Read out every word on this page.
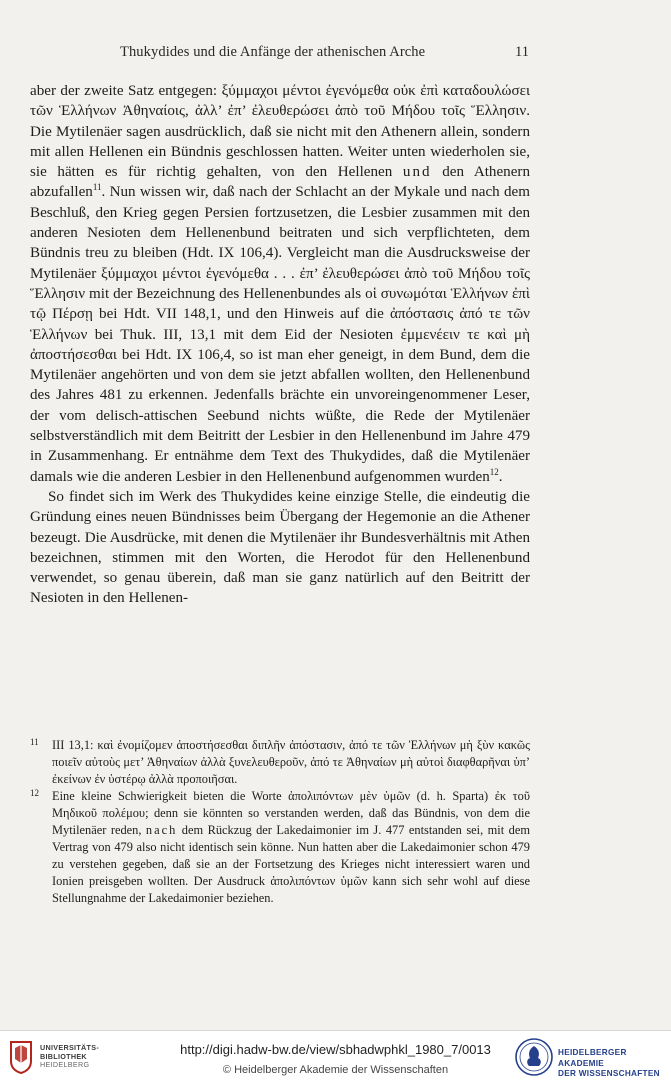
Thukydides und die Anfänge der athenischen Arche	11

aber der zweite Satz entgegen: ξύμμαχοι μέντοι ἐγενόμεθα οὐκ ἐπὶ καταδουλώσει τῶν Ἑλλήνων Ἀθηναίοις, ἀλλ’ ἐπ’ ἐλευθερώσει ἀπὸ τοῦ Μήδου τοῖς Ἕλλησιν. Die Mytilenäer sagen ausdrücklich, daß sie nicht mit den Athenern allein, sondern mit allen Hellenen ein Bündnis geschlossen hatten. Weiter unten wiederholen sie, sie hätten es für richtig gehalten, von den Hellenen und den Athenern abzufallen$^{11}$. Nun wissen wir, daß nach der Schlacht an der Mykale und nach dem Beschluß, den Krieg gegen Persien fortzusetzen, die Lesbier zusammen mit den anderen Nesioten dem Hellenenbund beitraten und sich verpflichteten, dem Bündnis treu zu bleiben (Hdt. IX 106,4). Vergleicht man die Ausdrucksweise der Mytilenäer ξύμμαχοι μέντοι ἐγενόμεθα . . . ἐπ’ ἐλευθερώσει ἀπὸ τοῦ Μήδου τοῖς Ἕλλησιν mit der Bezeichnung des Hellenenbundes als οἱ συνωμόται Ἑλλήνων ἐπὶ τῷ Πέρσῃ bei Hdt. VII 148,1, und den Hinweis auf die ἀπόστασις ἀπό τε τῶν Ἑλλήνων bei Thuk. III, 13,1 mit dem Eid der Nesioten ἐμμενέειν τε καὶ μὴ ἀποστήσεσθαι bei Hdt. IX 106,4, so ist man eher geneigt, in dem Bund, dem die Mytilenäer angehörten und von dem sie jetzt abfallen wollten, den Hellenenbund des Jahres 481 zu erkennen. Jedenfalls brächte ein unvoreingenommener Leser, der vom delisch-attischen Seebund nichts wüßte, die Rede der Mytilenäer selbstverständlich mit dem Beitritt der Lesbier in den Hellenenbund im Jahre 479 in Zusammenhang. Er entnähme dem Text des Thukydides, daß die Mytilenäer damals wie die anderen Lesbier in den Hellenenbund aufgenommen wurden$^{12}$.

So findet sich im Werk des Thukydides keine einzige Stelle, die eindeutig die Gründung eines neuen Bündnisses beim Übergang der Hegemonie an die Athener bezeugt. Die Ausdrücke, mit denen die Mytilenäer ihr Bundesverhältnis mit Athen bezeichnen, stimmen mit den Worten, die Herodot für den Hellenenbund verwendet, so genau überein, daß man sie ganz natürlich auf den Beitritt der Nesioten in den Hellenen-

11 III 13,1: καὶ ἐνομίζομεν ἀποστήσεσθαι διπλῆν ἀπόστασιν, ἀπό τε τῶν Ἑλλήνων μὴ ξὺν κακῶς ποιεῖν αὐτοὺς μετ’ Ἀθηναίων ἀλλὰ ξυνελευθεροῦν, ἀπό τε Ἀθηναίων μὴ αὐτοὶ διαφθαρῆναι ὑπ’ ἐκείνων ἐν ὑστέρῳ ἀλλὰ προποιῆσαι.

12 Eine kleine Schwierigkeit bieten die Worte ἀπολιπόντων μὲν ὑμῶν (d. h. Sparta) ἐκ τοῦ Μηδικοῦ πολέμου; denn sie könnten so verstanden werden, daß das Bündnis, von dem die Mytilenäer reden, nach dem Rückzug der Lakedaimonier im J. 477 entstanden sei, mit dem Vertrag von 479 also nicht identisch sein könne. Nun hatten aber die Lakedaimonier schon 479 zu verstehen gegeben, daß sie an der Fortsetzung des Krieges nicht interessiert waren und Ionien preisgeben wollten. Der Ausdruck ἀπολιπόντων ὑμῶν kann sich sehr wohl auf diese Stellungnahme der Lakedaimonier beziehen.

UNIVERSITÄTS-
BIBLIOTHEK
HEIDELBERG
http://digi.hadw-bw.de/view/sbhadwphkl_1980_7/0013
© Heidelberger Akademie der Wissenschaften
HEIDELBERGER AKADEMIE
DER WISSENSCHAFTEN
